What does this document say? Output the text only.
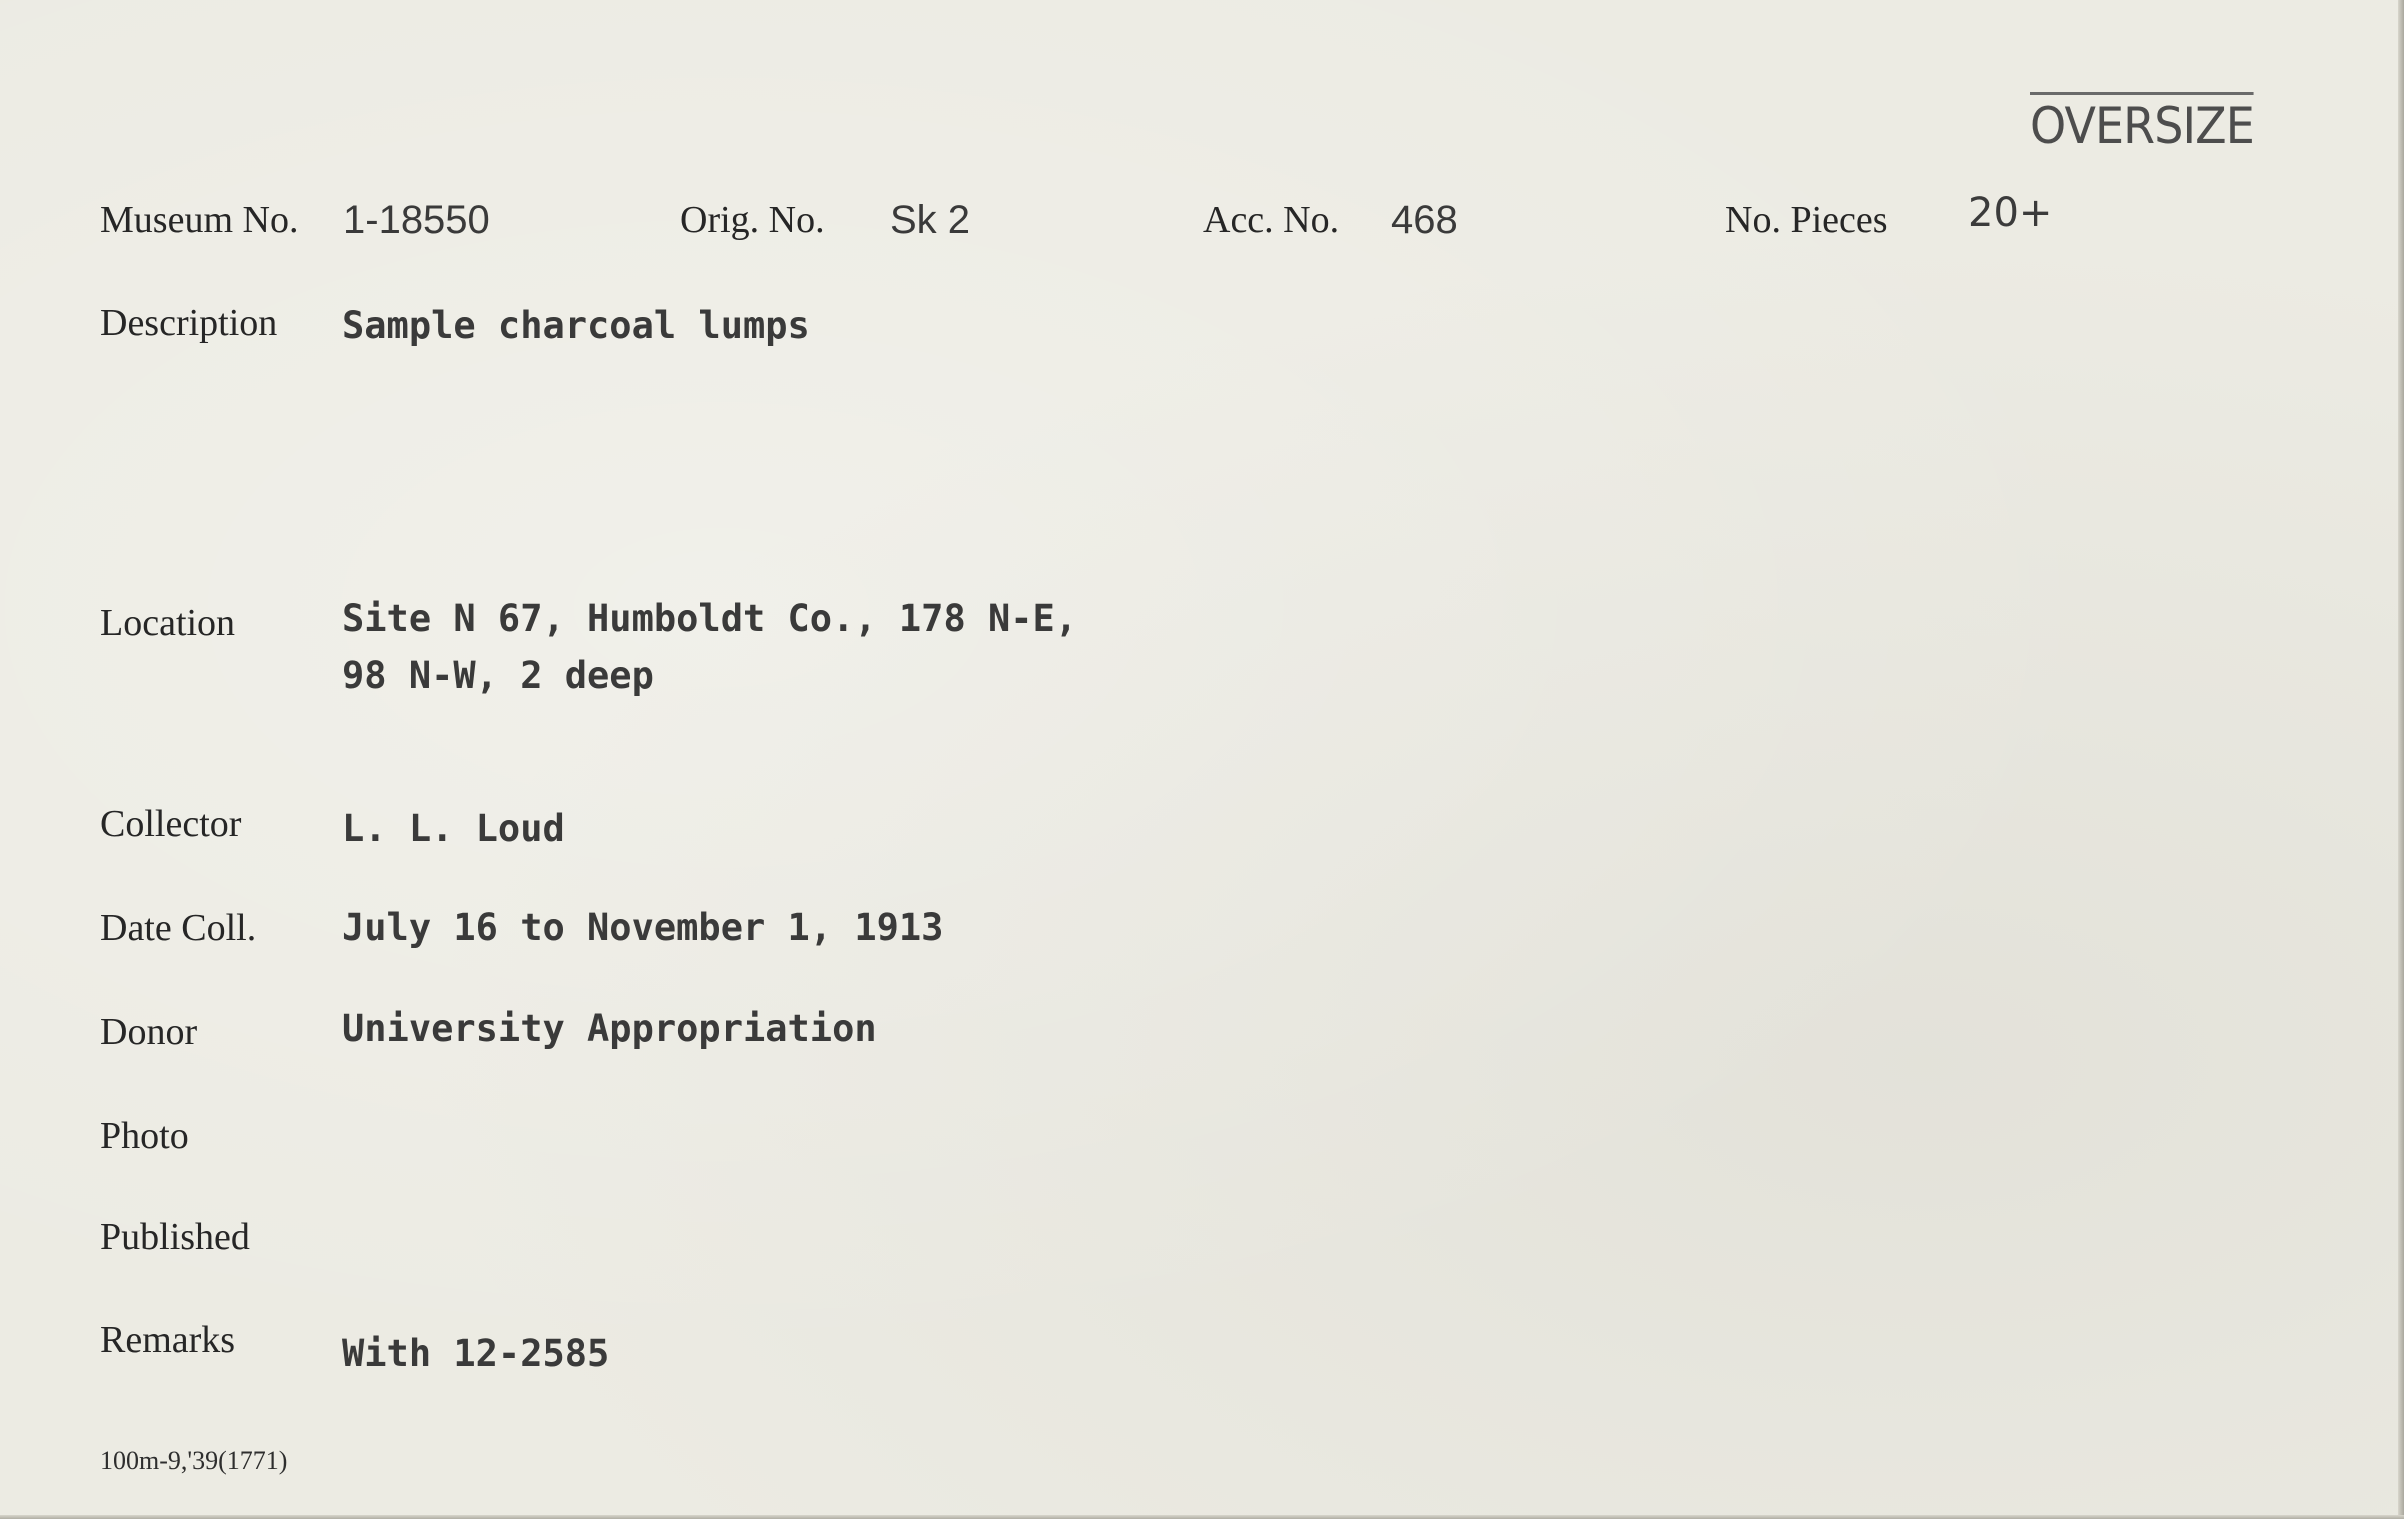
OVERSIZE
Museum No. 1-18550	Orig. No. Sk 2	Acc. No. 468	No. Pieces 20+
Description Sample charcoal lumps
Location	Site N 67, Humboldt Co., 178 N-E,
98 N-W, 2 deep
Collector	L. L. Loud
Date Coll. July 16 to November 1, 1913
Donor	University Appropriation
Photo
Published
Remarks	With 12-2585
100m-9,'39(1771)
